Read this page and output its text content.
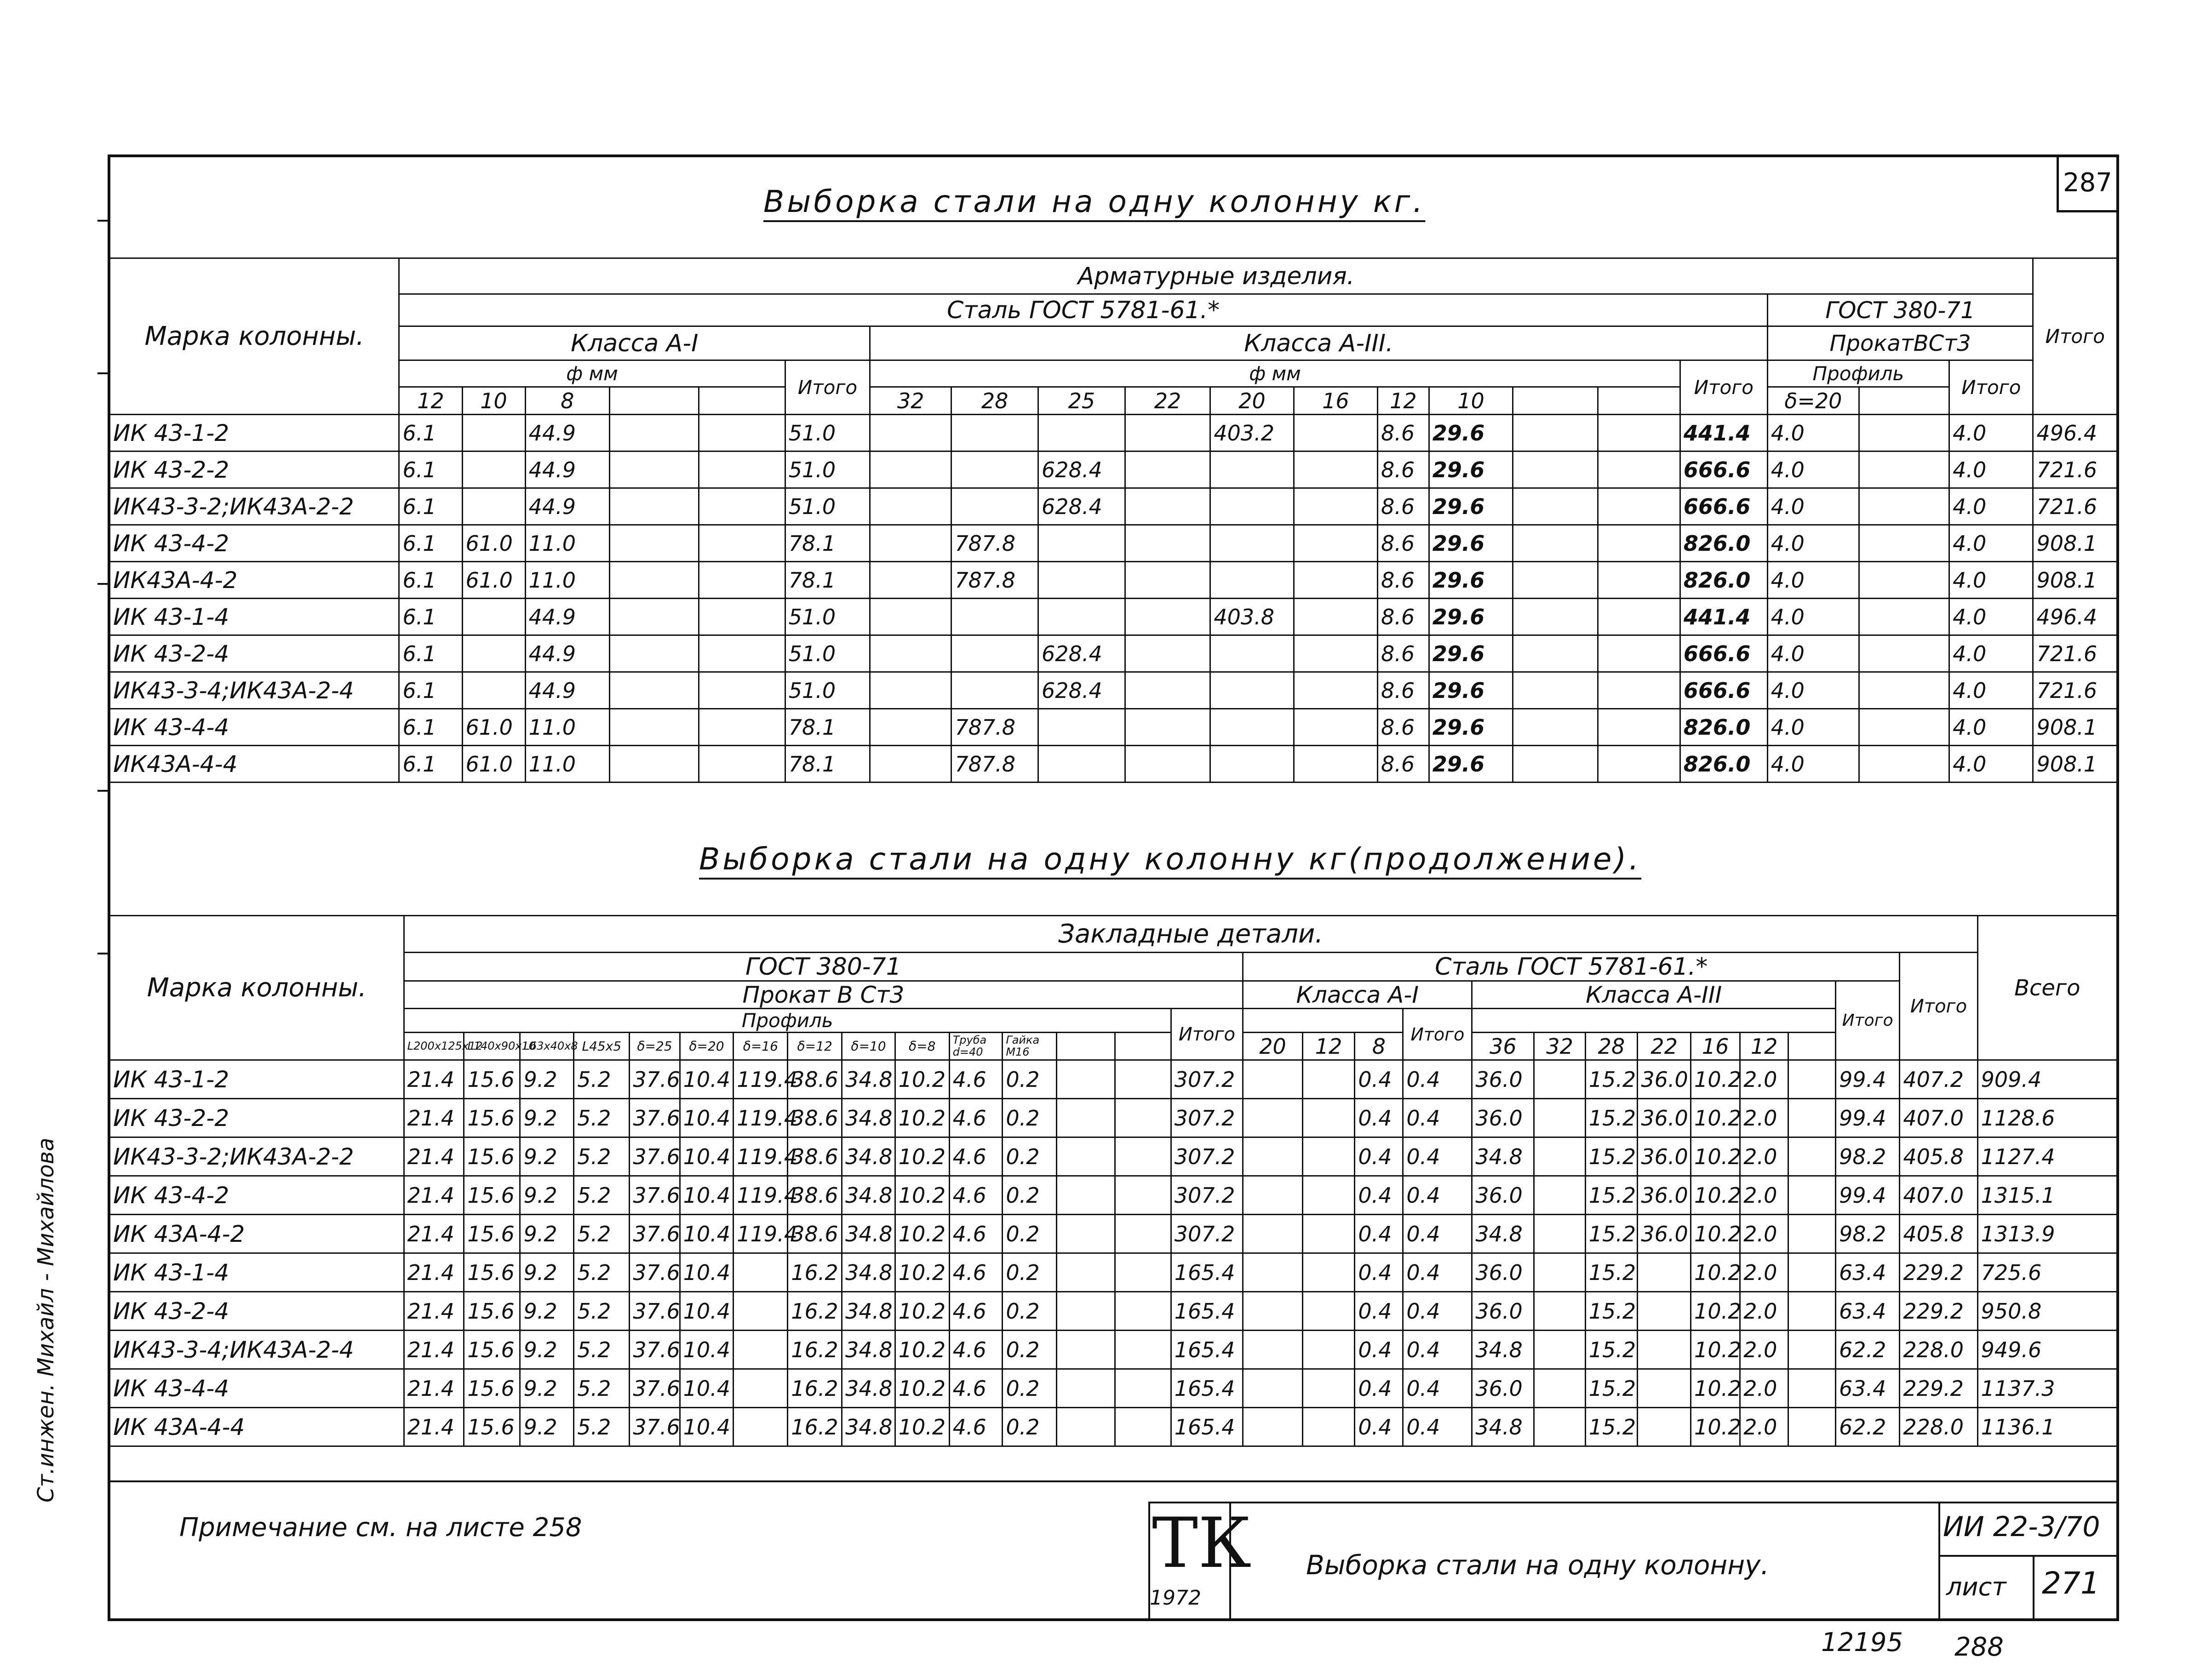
Ст.инжен. Михайл - Михайлова
287
Выборка стали на одну колонну кг.
Марка колонны.	Арматурные изделия.																				Итого
	Сталь ГОСТ 5781-61.*																	ГОСТ 380-71			
	Класса А-I						Класса А-III.											ПрокатВСт3			
	ф мм					Итого	ф мм										Итого	Профиль		Итого	
	12	10	8				32	28	25	22	20	16	12	10				δ=20			
ИК 43-1-2	6.1		44.9			51.0					403.2		8.6	29.6			441.4	4.0		4.0	496.4
ИК 43-2-2	6.1		44.9			51.0			628.4				8.6	29.6			666.6	4.0		4.0	721.6
ИК43-3-2;ИК43А-2-2	6.1		44.9			51.0			628.4				8.6	29.6			666.6	4.0		4.0	721.6
ИК 43-4-2	6.1	61.0	11.0			78.1		787.8					8.6	29.6			826.0	4.0		4.0	908.1
ИК43А-4-2	6.1	61.0	11.0			78.1		787.8					8.6	29.6			826.0	4.0		4.0	908.1
ИК 43-1-4	6.1		44.9			51.0					403.8		8.6	29.6			441.4	4.0		4.0	496.4
ИК 43-2-4	6.1		44.9			51.0			628.4				8.6	29.6			666.6	4.0		4.0	721.6
ИК43-3-4;ИК43А-2-4	6.1		44.9			51.0			628.4				8.6	29.6			666.6	4.0		4.0	721.6
ИК 43-4-4	6.1	61.0	11.0			78.1		787.8					8.6	29.6			826.0	4.0		4.0	908.1
ИК43А-4-4	6.1	61.0	11.0			78.1		787.8					8.6	29.6			826.0	4.0		4.0	908.1
Выборка стали на одну колонну кг(продолжение).
Марка колонны.	Закладные детали.																												Всего
	ГОСТ 380-71															Сталь ГОСТ 5781-61.*												Итого	
	Прокат В Ст3															Класса А-I				Класса А-III							Итого		
	Профиль														Итого				Итого										
	L200x125x12	L140x90x10	L63x40x8	L45x5	δ=25	δ=20	δ=16	δ=12	δ=10	δ=8	Труба d=40	Гайка M16				20	12	8		36	32	28	22	16	12				
ИК 43-1-2	21.4	15.6	9.2	5.2	37.6	10.4	119.4	38.6	34.8	10.2	4.6	0.2			307.2			0.4	0.4	36.0		15.2	36.0	10.2	2.0		99.4	407.2	909.4
ИК 43-2-2	21.4	15.6	9.2	5.2	37.6	10.4	119.4	38.6	34.8	10.2	4.6	0.2			307.2			0.4	0.4	36.0		15.2	36.0	10.2	2.0		99.4	407.0	1128.6
ИК43-3-2;ИК43А-2-2	21.4	15.6	9.2	5.2	37.6	10.4	119.4	38.6	34.8	10.2	4.6	0.2			307.2			0.4	0.4	34.8		15.2	36.0	10.2	2.0		98.2	405.8	1127.4
ИК 43-4-2	21.4	15.6	9.2	5.2	37.6	10.4	119.4	38.6	34.8	10.2	4.6	0.2			307.2			0.4	0.4	36.0		15.2	36.0	10.2	2.0		99.4	407.0	1315.1
ИК 43А-4-2	21.4	15.6	9.2	5.2	37.6	10.4	119.4	38.6	34.8	10.2	4.6	0.2			307.2			0.4	0.4	34.8		15.2	36.0	10.2	2.0		98.2	405.8	1313.9
ИК 43-1-4	21.4	15.6	9.2	5.2	37.6	10.4		16.2	34.8	10.2	4.6	0.2			165.4			0.4	0.4	36.0		15.2		10.2	2.0		63.4	229.2	725.6
ИК 43-2-4	21.4	15.6	9.2	5.2	37.6	10.4		16.2	34.8	10.2	4.6	0.2			165.4			0.4	0.4	36.0		15.2		10.2	2.0		63.4	229.2	950.8
ИК43-3-4;ИК43А-2-4	21.4	15.6	9.2	5.2	37.6	10.4		16.2	34.8	10.2	4.6	0.2			165.4			0.4	0.4	34.8		15.2		10.2	2.0		62.2	228.0	949.6
ИК 43-4-4	21.4	15.6	9.2	5.2	37.6	10.4		16.2	34.8	10.2	4.6	0.2			165.4			0.4	0.4	36.0		15.2		10.2	2.0		63.4	229.2	1137.3
ИК 43А-4-4	21.4	15.6	9.2	5.2	37.6	10.4		16.2	34.8	10.2	4.6	0.2			165.4			0.4	0.4	34.8		15.2		10.2	2.0		62.2	228.0	1136.1
Примечание см. на листе 258	ТК
1972
Выборка стали на одну колонну.
ИИ 22-3/70
лист 271
12195 288
